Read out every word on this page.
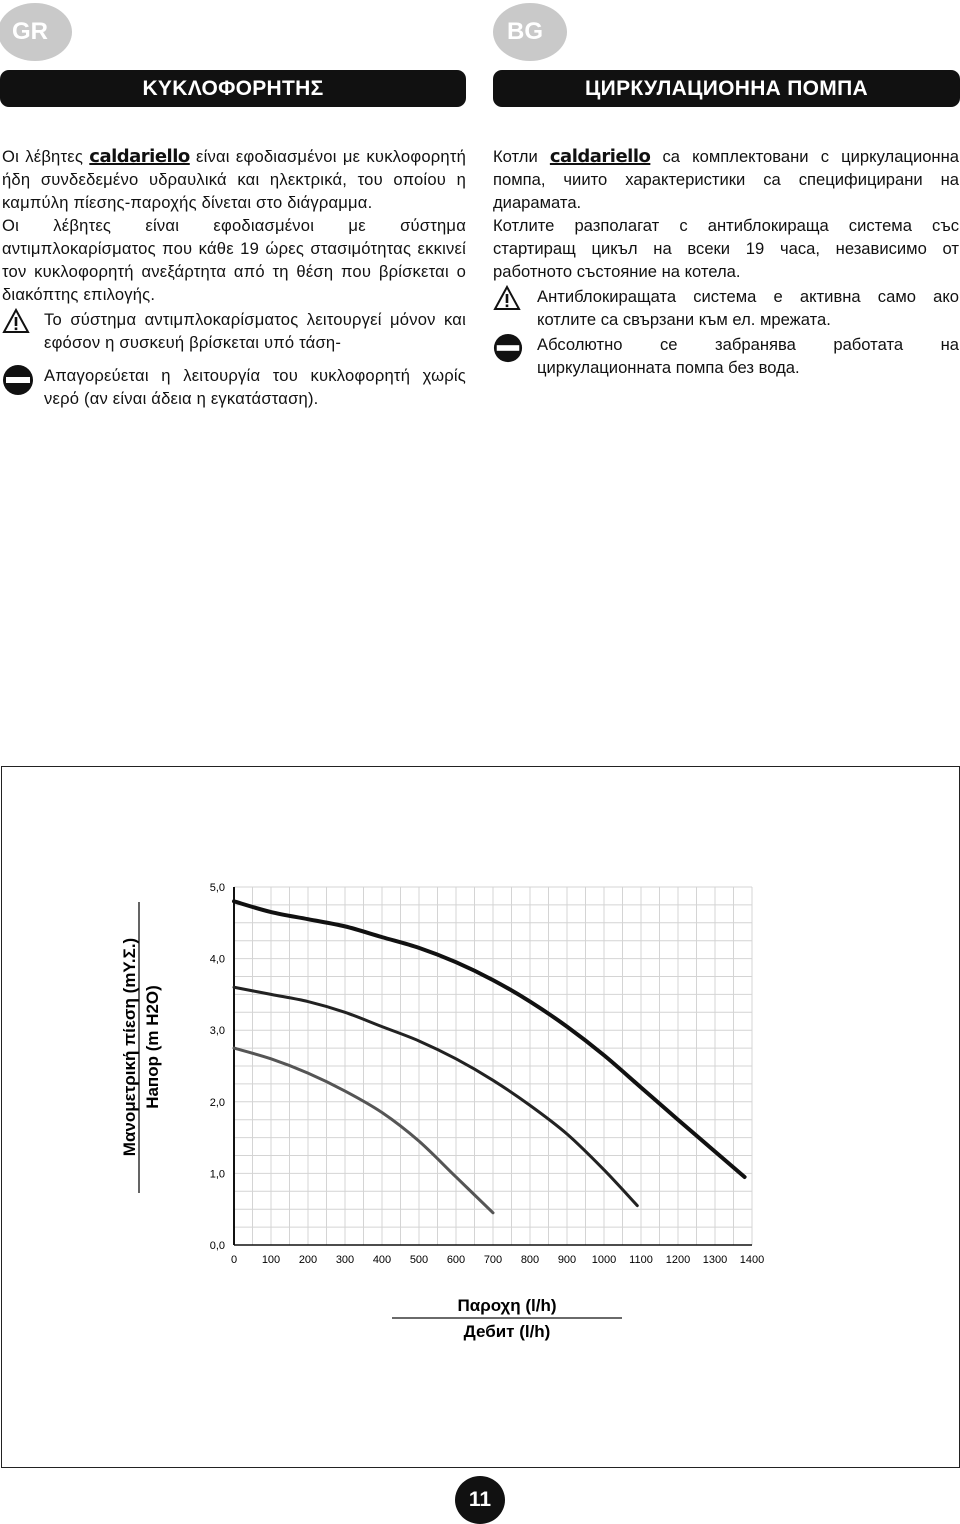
GR
ΚΥΚΛΟΦΟΡΗΤΗΣ

Οι λέβητες caldariello είναι εφοδιασμένοι με κυκλοφορητή ήδη συνδεδεμένο υδραυλικά και ηλεκτρικά, του οποίου η καμπύλη πίεσης-παροχής δίνεται στο διάγραμμα.

Οι λέβητες είναι εφοδιασμένοι με σύστημα αντιμπλοκαρίσματος που κάθε 19 ώρες στασιμότητας εκκινεί τον κυκλοφορητή ανεξάρτητα από τη θέση που βρίσκεται ο διακόπτης επιλογής.

Το σύστημα αντιμπλοκαρίσματος λειτουργεί μόνον και εφόσον η συσκευή βρίσκεται υπό τάση-
Απαγορεύεται η λειτουργία του κυκλοφορητή χωρίς νερό (αν είναι άδεια η εγκατάσταση).
BG
ЦИРКУЛАЦИОННА ПОМПА

Котли caldariello са комплектовани с циркулационна помпа, чиито характеристики са специфицирани на диарамата.

Котлите разполагат с антиблокираща система със стартиращ цикъл на всеки 19 часа, независимо от работното състояние на котела.

Антиблокиращата система е активна само ако котлите са свързани към ел. мрежата.
Абсолютно се забранява работата на циркулационната помпа без вода.
0,0
1,0
2,0
3,0
4,0
5,0
0 100 200 300 400 500 600 700 800 900 1000 1100 1200 1300 1400
Μανομετρική πίεση (mΥ.Σ.) Напор (m H2O)
Παροχη (l/h)
Дебит (l/h)
11
